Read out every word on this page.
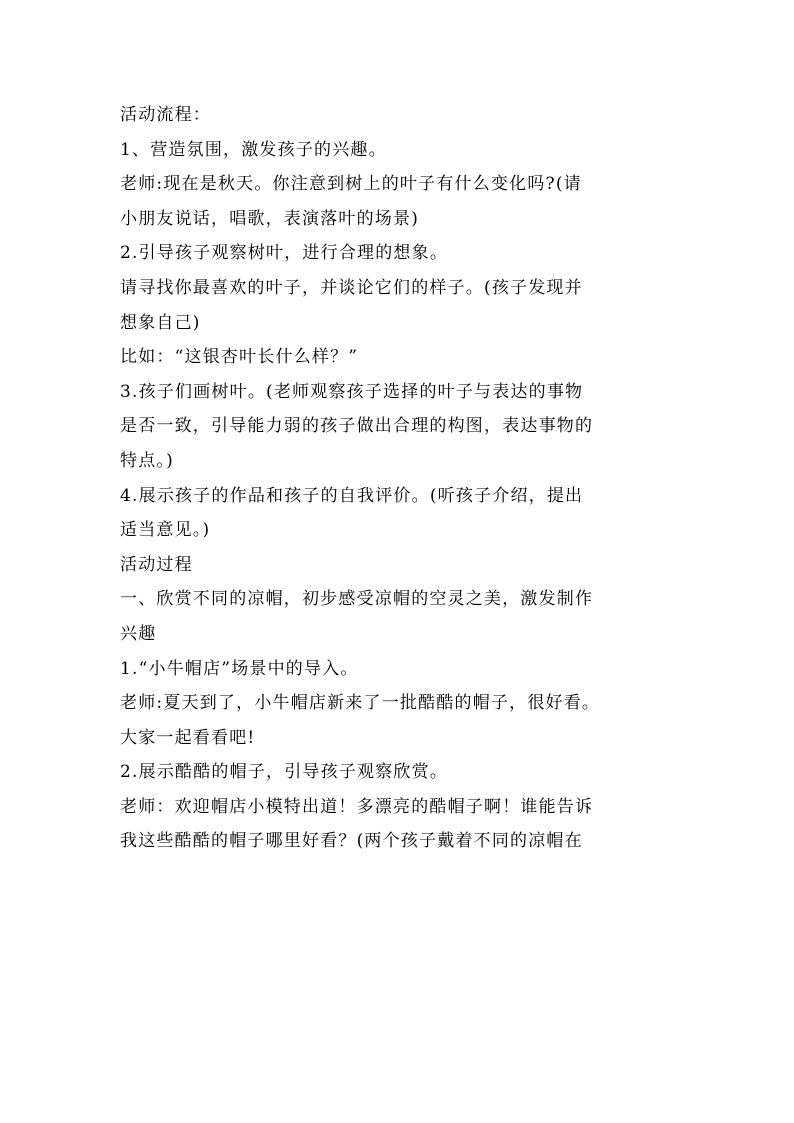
活动流程：
1、营造氛围，激发孩子的兴趣。
老师:现在是秋天。你注意到树上的叶子有什么变化吗?(请
小朋友说话，唱歌，表演落叶的场景)
2.引导孩子观察树叶，进行合理的想象。
请寻找你最喜欢的叶子，并谈论它们的样子。(孩子发现并
想象自己)
比如：“这银杏叶长什么样？”
3.孩子们画树叶。(老师观察孩子选择的叶子与表达的事物
是否一致，引导能力弱的孩子做出合理的构图，表达事物的
特点。)
4.展示孩子的作品和孩子的自我评价。(听孩子介绍，提出
适当意见。)
活动过程
一、欣赏不同的凉帽，初步感受凉帽的空灵之美，激发制作
兴趣
1.“小牛帽店”场景中的导入。
老师:夏天到了，小牛帽店新来了一批酷酷的帽子，很好看。
大家一起看看吧!
2.展示酷酷的帽子，引导孩子观察欣赏。
老师：欢迎帽店小模特出道！多漂亮的酷帽子啊！谁能告诉
我这些酷酷的帽子哪里好看？(两个孩子戴着不同的凉帽在
